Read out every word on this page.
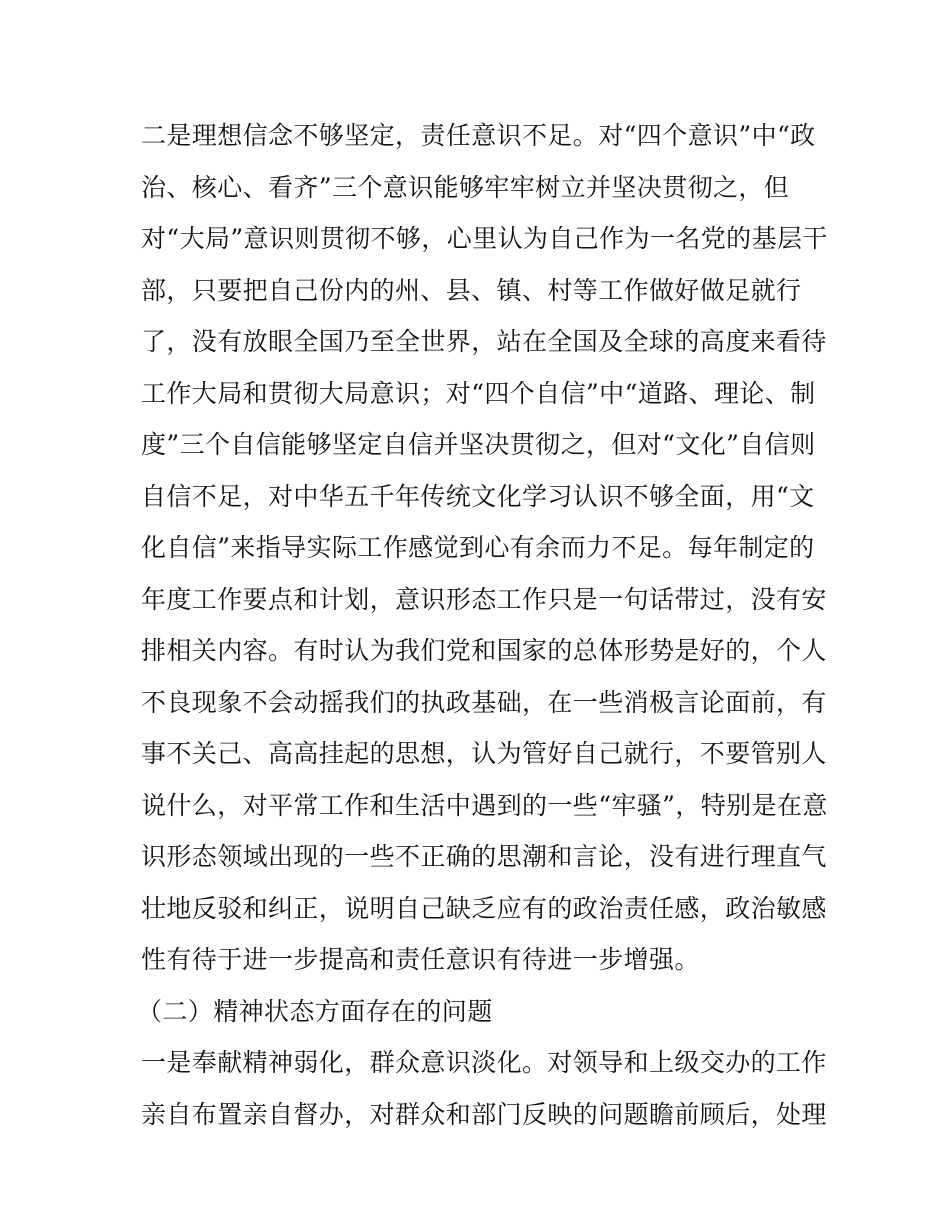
二是理想信念不够坚定，责任意识不足。对“四个意识”中“政
治、核心、看齐”三个意识能够牢牢树立并坚决贯彻之，但
对“大局”意识则贯彻不够，心里认为自己作为一名党的基层干
部，只要把自己份内的州、县、镇、村等工作做好做足就行
了，没有放眼全国乃至全世界，站在全国及全球的高度来看待
工作大局和贯彻大局意识；对“四个自信”中“道路、理论、制
度”三个自信能够坚定自信并坚决贯彻之，但对“文化”自信则
自信不足，对中华五千年传统文化学习认识不够全面，用“文
化自信”来指导实际工作感觉到心有余而力不足。每年制定的
年度工作要点和计划，意识形态工作只是一句话带过，没有安
排相关内容。有时认为我们党和国家的总体形势是好的，个人
不良现象不会动摇我们的执政基础，在一些消极言论面前，有
事不关己、高高挂起的思想，认为管好自己就行，不要管别人
说什么，对平常工作和生活中遇到的一些“牢骚”，特别是在意
识形态领域出现的一些不正确的思潮和言论，没有进行理直气
壮地反驳和纠正，说明自己缺乏应有的政治责任感，政治敏感
性有待于进一步提高和责任意识有待进一步增强。
（二）精神状态方面存在的问题
一是奉献精神弱化，群众意识淡化。对领导和上级交办的工作
亲自布置亲自督办，对群众和部门反映的问题瞻前顾后，处理
